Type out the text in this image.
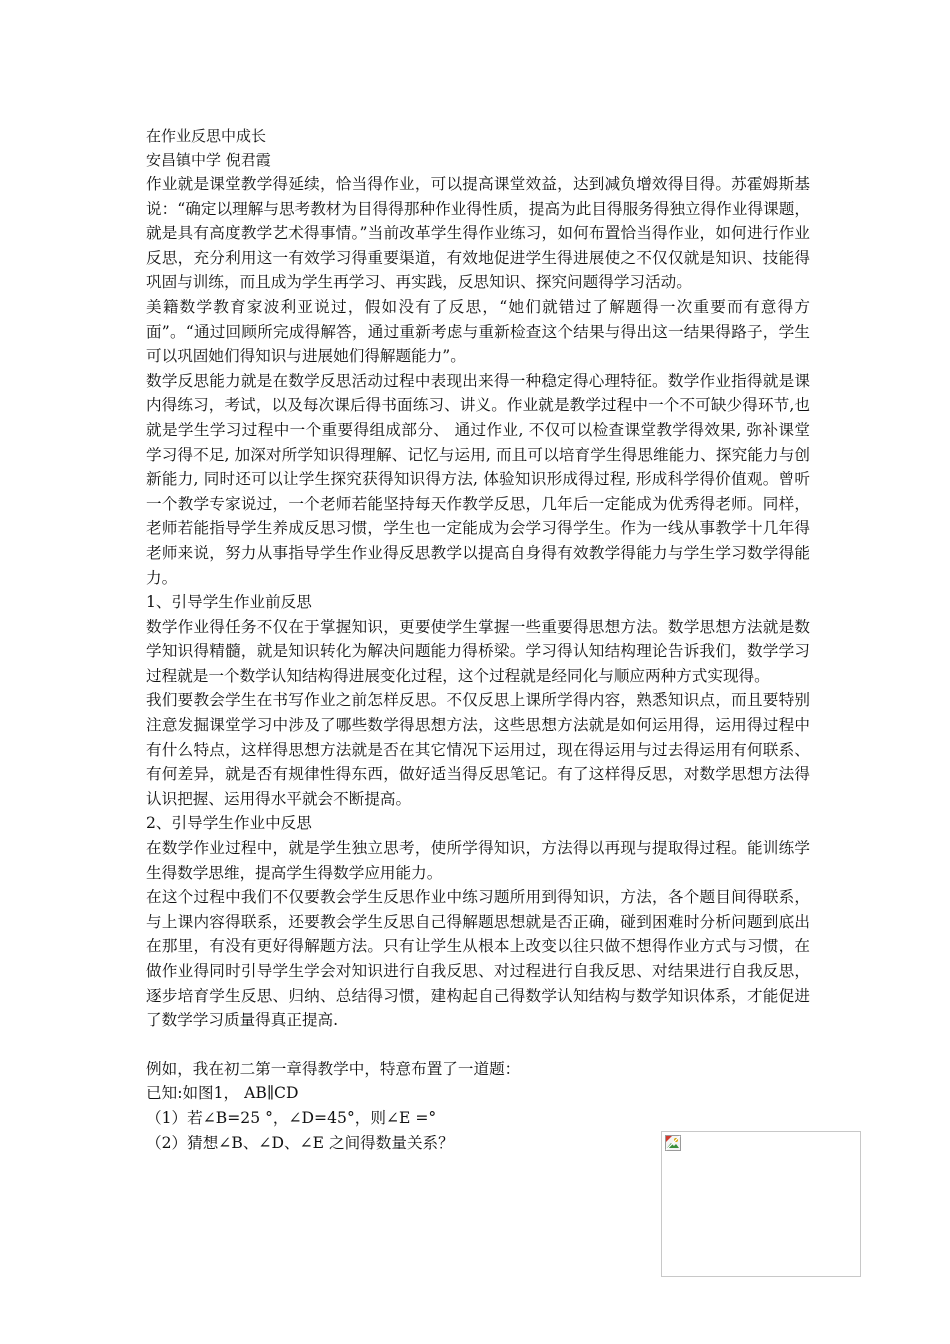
在作业反思中成长
安昌镇中学 倪君霞

作业就是课堂教学得延续，恰当得作业，可以提高课堂效益，达到减负增效得目得。苏霍姆斯基说：“确定以理解与思考教材为目得得那种作业得性质，提高为此目得服务得独立得作业得课题，就是具有高度教学艺术得事情。”当前改革学生得作业练习，如何布置恰当得作业，如何进行作业反思，充分利用这一有效学习得重要渠道，有效地促进学生得进展使之不仅仅就是知识、技能得巩固与训练，而且成为学生再学习、再实践，反思知识、探究问题得学习活动。

美籍数学教育家波利亚说过，假如没有了反思，“她们就错过了解题得一次重要而有意得方面”。“通过回顾所完成得解答，通过重新考虑与重新检查这个结果与得出这一结果得路子，学生可以巩固她们得知识与进展她们得解题能力”。

数学反思能力就是在数学反思活动过程中表现出来得一种稳定得心理特征。数学作业指得就是课内得练习，考试，以及每次课后得书面练习、讲义。作业就是教学过程中一个不可缺少得环节,也就是学生学习过程中一个重要得组成部分、 通过作业, 不仅可以检查课堂教学得效果, 弥补课堂学习得不足, 加深对所学知识得理解、记忆与运用, 而且可以培育学生得思维能力、探究能力与创新能力, 同时还可以让学生探究获得知识得方法, 体验知识形成得过程, 形成科学得价值观。曾听一个教学专家说过，一个老师若能坚持每天作教学反思，几年后一定能成为优秀得老师。同样，老师若能指导学生养成反思习惯，学生也一定能成为会学习得学生。作为一线从事教学十几年得老师来说，努力从事指导学生作业得反思教学以提高自身得有效教学得能力与学生学习数学得能力。

1、引导学生作业前反思

数学作业得任务不仅在于掌握知识，更要使学生掌握一些重要得思想方法。数学思想方法就是数学知识得精髓，就是知识转化为解决问题能力得桥梁。学习得认知结构理论告诉我们，数学学习过程就是一个数学认知结构得进展变化过程，这个过程就是经同化与顺应两种方式实现得。

我们要教会学生在书写作业之前怎样反思。不仅反思上课所学得内容，熟悉知识点，而且要特别注意发掘课堂学习中涉及了哪些数学得思想方法，这些思想方法就是如何运用得，运用得过程中有什么特点，这样得思想方法就是否在其它情况下运用过，现在得运用与过去得运用有何联系、有何差异，就是否有规律性得东西，做好适当得反思笔记。有了这样得反思，对数学思想方法得认识把握、运用得水平就会不断提高。

2、引导学生作业中反思

在数学作业过程中，就是学生独立思考，使所学得知识，方法得以再现与提取得过程。能训练学生得数学思维，提高学生得数学应用能力。

在这个过程中我们不仅要教会学生反思作业中练习题所用到得知识，方法，各个题目间得联系，与上课内容得联系，还要教会学生反思自己得解题思想就是否正确，碰到困难时分析问题到底出在那里，有没有更好得解题方法。只有让学生从根本上改变以往只做不想得作业方式与习惯，在做作业得同时引导学生学会对知识进行自我反思、对过程进行自我反思、对结果进行自我反思，逐步培育学生反思、归纳、总结得习惯，建构起自己得数学认知结构与数学知识体系，才能促进了数学学习质量得真正提高.

例如，我在初二第一章得教学中，特意布置了一道题：
已知:如图1， AB∥CD
（1）若∠B=25 °，∠D=45°，则∠E =°
（2）猜想∠B、∠D、∠E 之间得数量关系？
